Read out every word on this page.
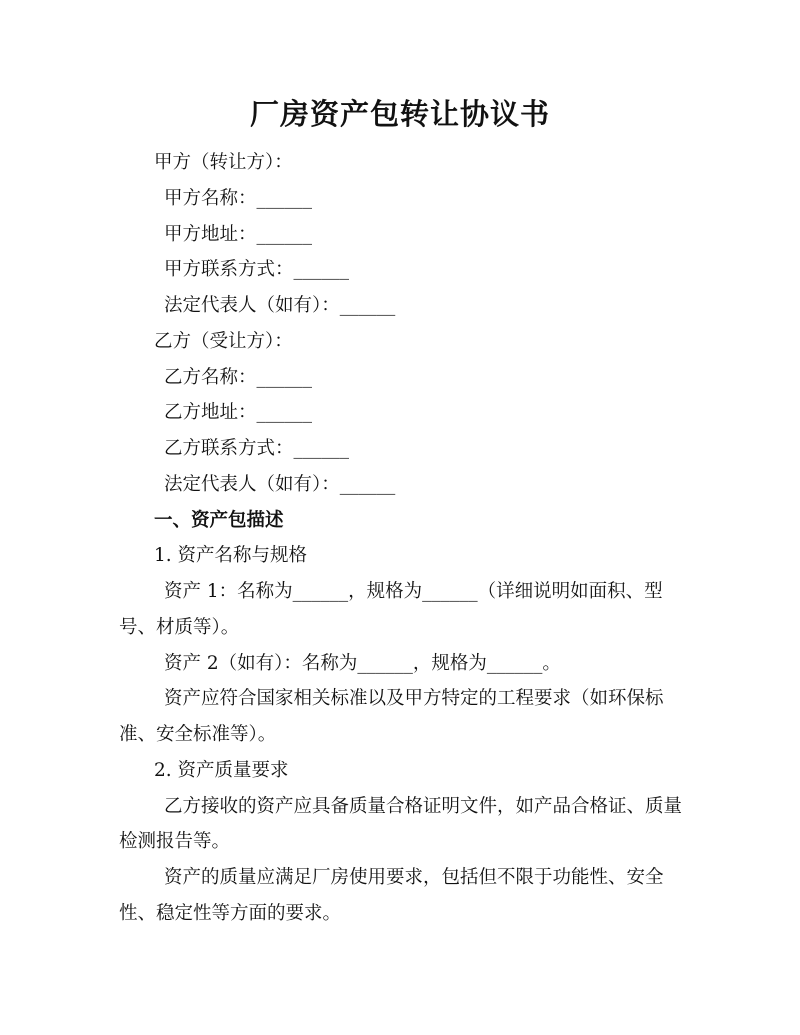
厂房资产包转让协议书
甲方（转让方）：
甲方名称：______
甲方地址：______
甲方联系方式：______
法定代表人（如有）：______
乙方（受让方）：
乙方名称：______
乙方地址：______
乙方联系方式：______
法定代表人（如有）：______
一、资产包描述
1. 资产名称与规格
资产 1：名称为______，规格为______（详细说明如面积、型
号、材质等）。
资产 2（如有）：名称为______，规格为______。
资产应符合国家相关标准以及甲方特定的工程要求（如环保标
准、安全标准等）。
2. 资产质量要求
乙方接收的资产应具备质量合格证明文件，如产品合格证、质量
检测报告等。
资产的质量应满足厂房使用要求，包括但不限于功能性、安全
性、稳定性等方面的要求。
